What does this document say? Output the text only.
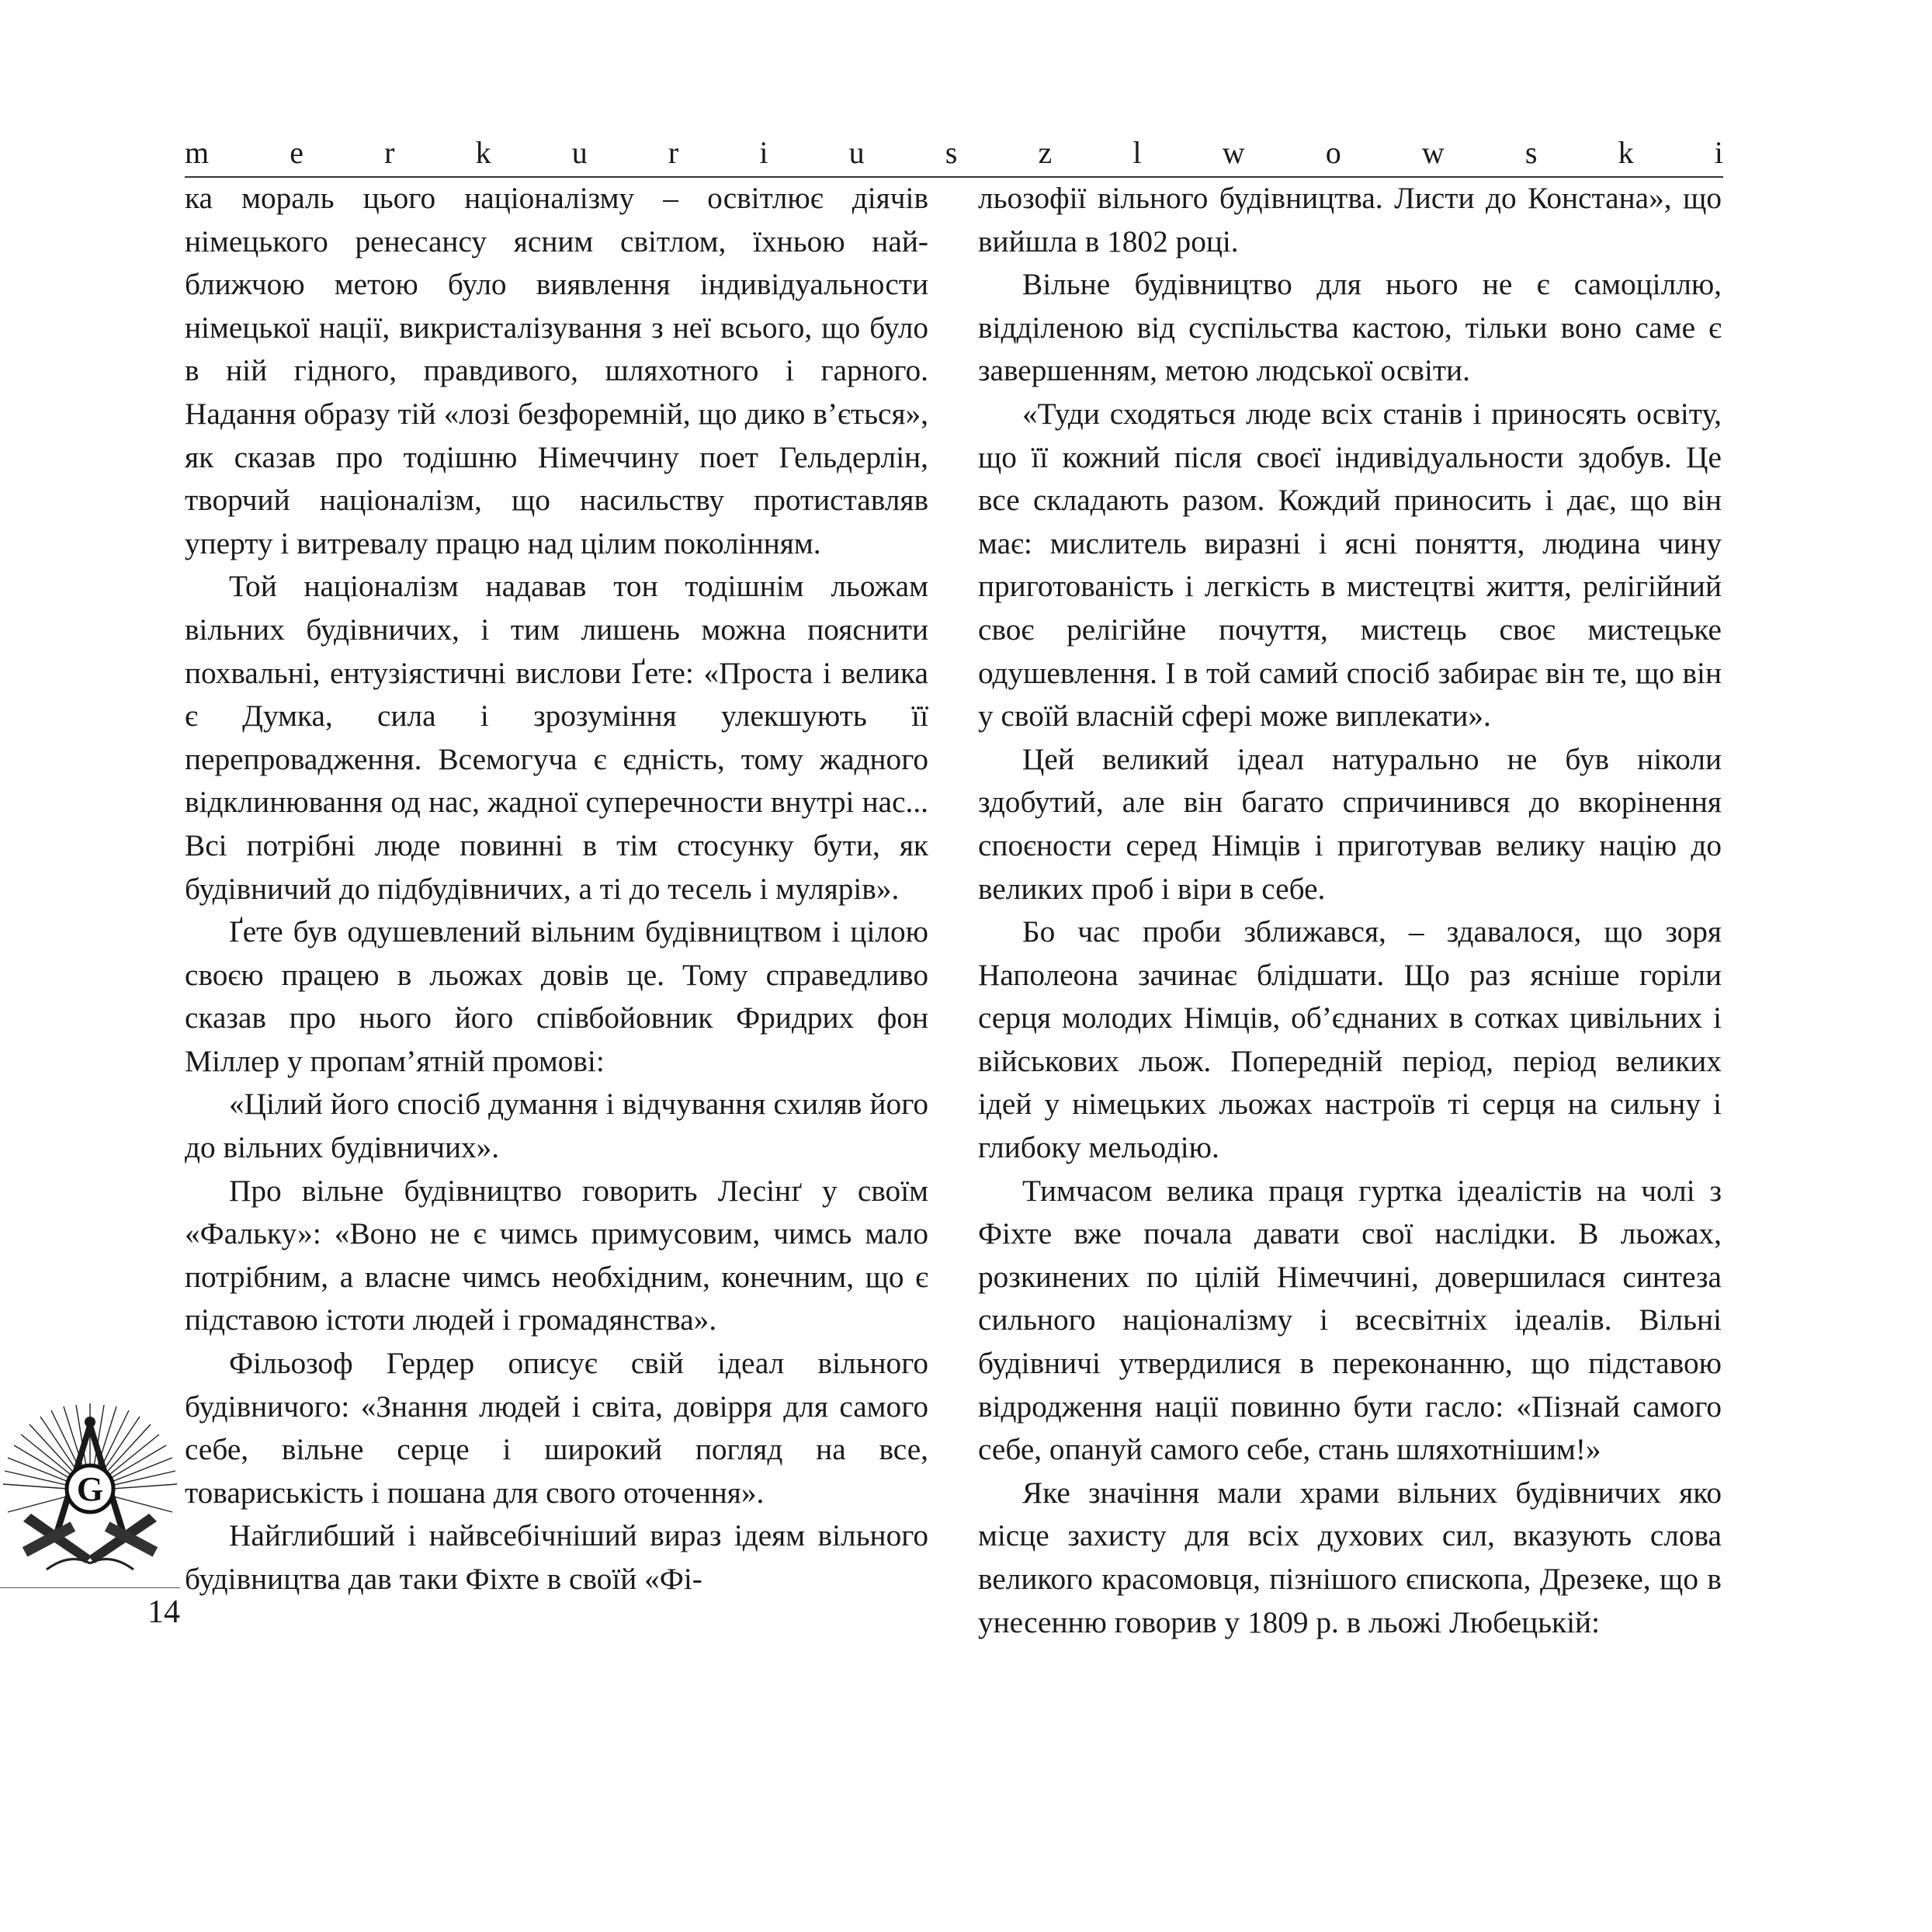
m	e	r	k	u	r	i	u	s	z	l	w	o	w	s	k	i

ка мораль цього націоналізму – освітлює діячів німецького ренесансу ясним світлом, їхньою найближчою метою було виявлення індивідуальности німецької нації, викристалізування з неї всього, що було в ній гідного, правдивого, шляхотного і гарного. Надання образу тій «лозі безфоремній, що дико в’ється», як сказав про тодішню Німеччину поет Гельдерлін, творчий націоналізм, що насильству протиставляв уперту і витревалу працю над цілим поколінням.

Той націоналізм надавав тон тодішнім льожам вільних будівничих, і тим лишень можна пояснити похвальні, ентузіястичні вислови Ґете: «Проста і велика є Думка, сила і зрозуміння улекшують її перепровадження. Всемогуча є єдність, тому жадного відклинювання од нас, жадної суперечности внутрі нас... Всі потрібні люде повинні в тім стосунку бути, як будівничий до підбудівничих, а ті до тесель і мулярів».

Ґете був одушевлений вільним будівництвом і цілою своєю працею в льожах довів це. Тому справедливо сказав про нього його співбойовник Фридрих фон Міллер у пропам’ятній промові:

«Цілий його спосіб думання і відчування схиляв його до вільних будівничих».

Про вільне будівництво говорить Лесінґ у своїм «Фальку»: «Воно не є чимсь примусовим, чимсь мало потрібним, а власне чимсь необхідним, конечним, що є підставою істоти людей і громадянства».

Фільозоф Гердер описує свій ідеал вільного будівничого: «Знання людей і світа, довірря для самого себе, вільне серце і широкий погляд на все, товариськість і пошана для свого оточення».

Найглибший і найвсебічніший вираз ідеям вільного будівництва дав таки Фіхте в своїй «Фі-

льозофії вільного будівництва. Листи до Констана», що вийшла в 1802 році.

Вільне будівництво для нього не є самоціллю, відділеною від суспільства кастою, тільки воно саме є завершенням, метою людської освіти.

«Туди сходяться люде всіх станів і приносять освіту, що її кожний після своєї індивідуальности здобув. Це все складають разом. Кождий приносить і дає, що він має: мислитель виразні і ясні поняття, людина чину приготованість і легкість в мистецтві життя, релігійний своє релігійне почуття, мистець своє мистецьке одушевлення. І в той самий спосіб забирає він те, що він у своїй власній сфері може виплекати».

Цей великий ідеал натурально не був ніколи здобутий, але він багато спричинився до вкорінення споєности серед Німців і приготував велику націю до великих проб і віри в себе.

Бо час проби зближався, – здавалося, що зоря Наполеона зачинає блідшати. Що раз ясніше горіли серця молодих Німців, об’єднаних в сотках цивільних і військових льож. Попередній період, період великих ідей у німецьких льожах настроїв ті серця на сильну і глибоку мельодію.

Тимчасом велика праця гуртка ідеалістів на чолі з Фіхте вже почала давати свої наслідки. В льожах, розкинених по цілій Німеччині, довершилася синтеза сильного націоналізму і всесвітніх ідеалів. Вільні будівничі утвердилися в переконанню, що підставою відродження нації повинно бути гасло: «Пізнай самого себе, опануй самого себе, стань шляхотнішим!»

Яке значіння мали храми вільних будівничих яко місце захисту для всіх духових сил, вказують слова великого красомовця, пізнішого єпископа, Дрезеке, що в унесенню говорив у 1809 р. в льожі Любецькій:

G
14
